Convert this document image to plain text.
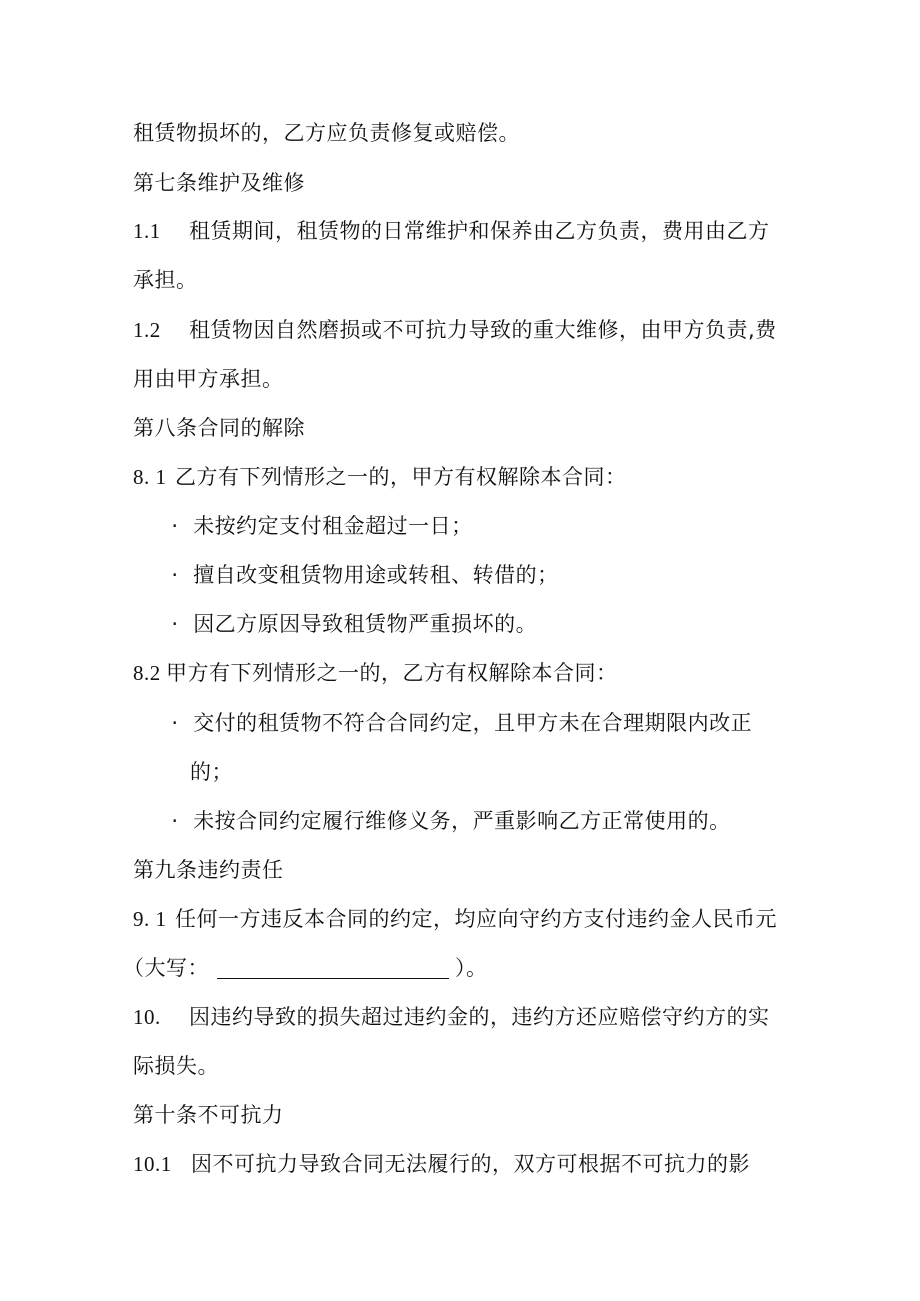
租赁物损坏的，乙方应负责修复或赔偿。
第七条维护及维修
1.1 租赁期间，租赁物的日常维护和保养由乙方负责，费用由乙方
承担。
1.2 租赁物因自然磨损或不可抗力导致的重大维修，由甲方负责,费
用由甲方承担。
第八条合同的解除
8. 1 乙方有下列情形之一的，甲方有权解除本合同：
· 未按约定支付租金超过一日；
· 擅自改变租赁物用途或转租、转借的；
· 因乙方原因导致租赁物严重损坏的。
8.2 甲方有下列情形之一的，乙方有权解除本合同：
· 交付的租赁物不符合合同约定，且甲方未在合理期限内改正
的；
· 未按合同约定履行维修义务，严重影响乙方正常使用的。
第九条违约责任
9. 1 任何一方违反本合同的约定，均应向守约方支付违约金人民币元
（大写：	）。
10. 因违约导致的损失超过违约金的，违约方还应赔偿守约方的实
际损失。
第十条不可抗力
10.1 因不可抗力导致合同无法履行的，双方可根据不可抗力的影
